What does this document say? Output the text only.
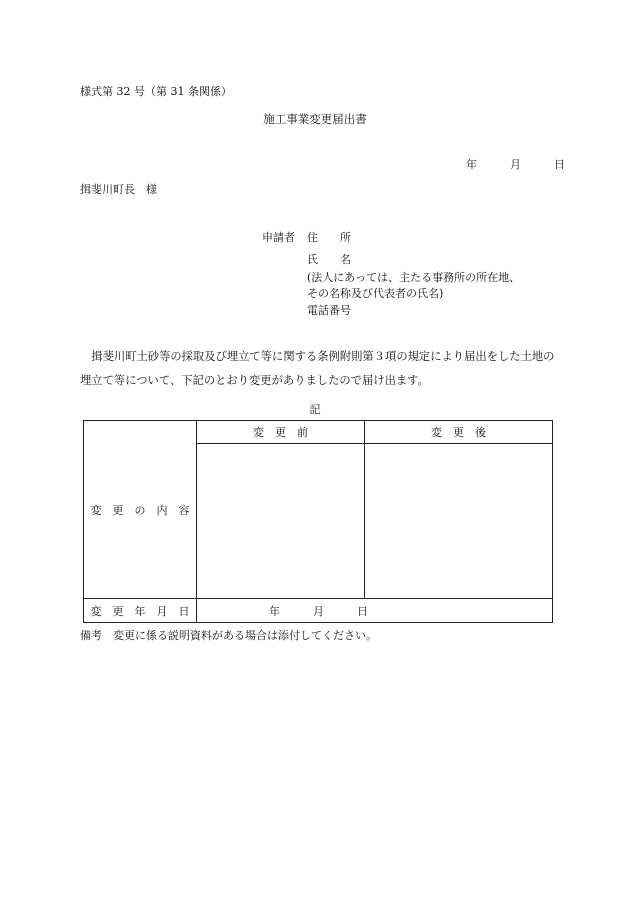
様式第 32 号（第 31 条関係）
施工事業変更届出書
年	月	日
揖斐川町長　様
申請者 住　　所
氏　　名
(法人にあっては、主たる事務所の所在地、
その名称及び代表者の氏名)
電話番号
　揖斐川町土砂等の採取及び埋立て等に関する条例附則第３項の規定により届出をした土地の埋立て等について、下記のとおり変更がありましたので届け出ます。
記
変　更　の　内　容	変　更　前	変　更　後

変　更　年　月　日	年　　　月　　　日	
備考　変更に係る説明資料がある場合は添付してください。
